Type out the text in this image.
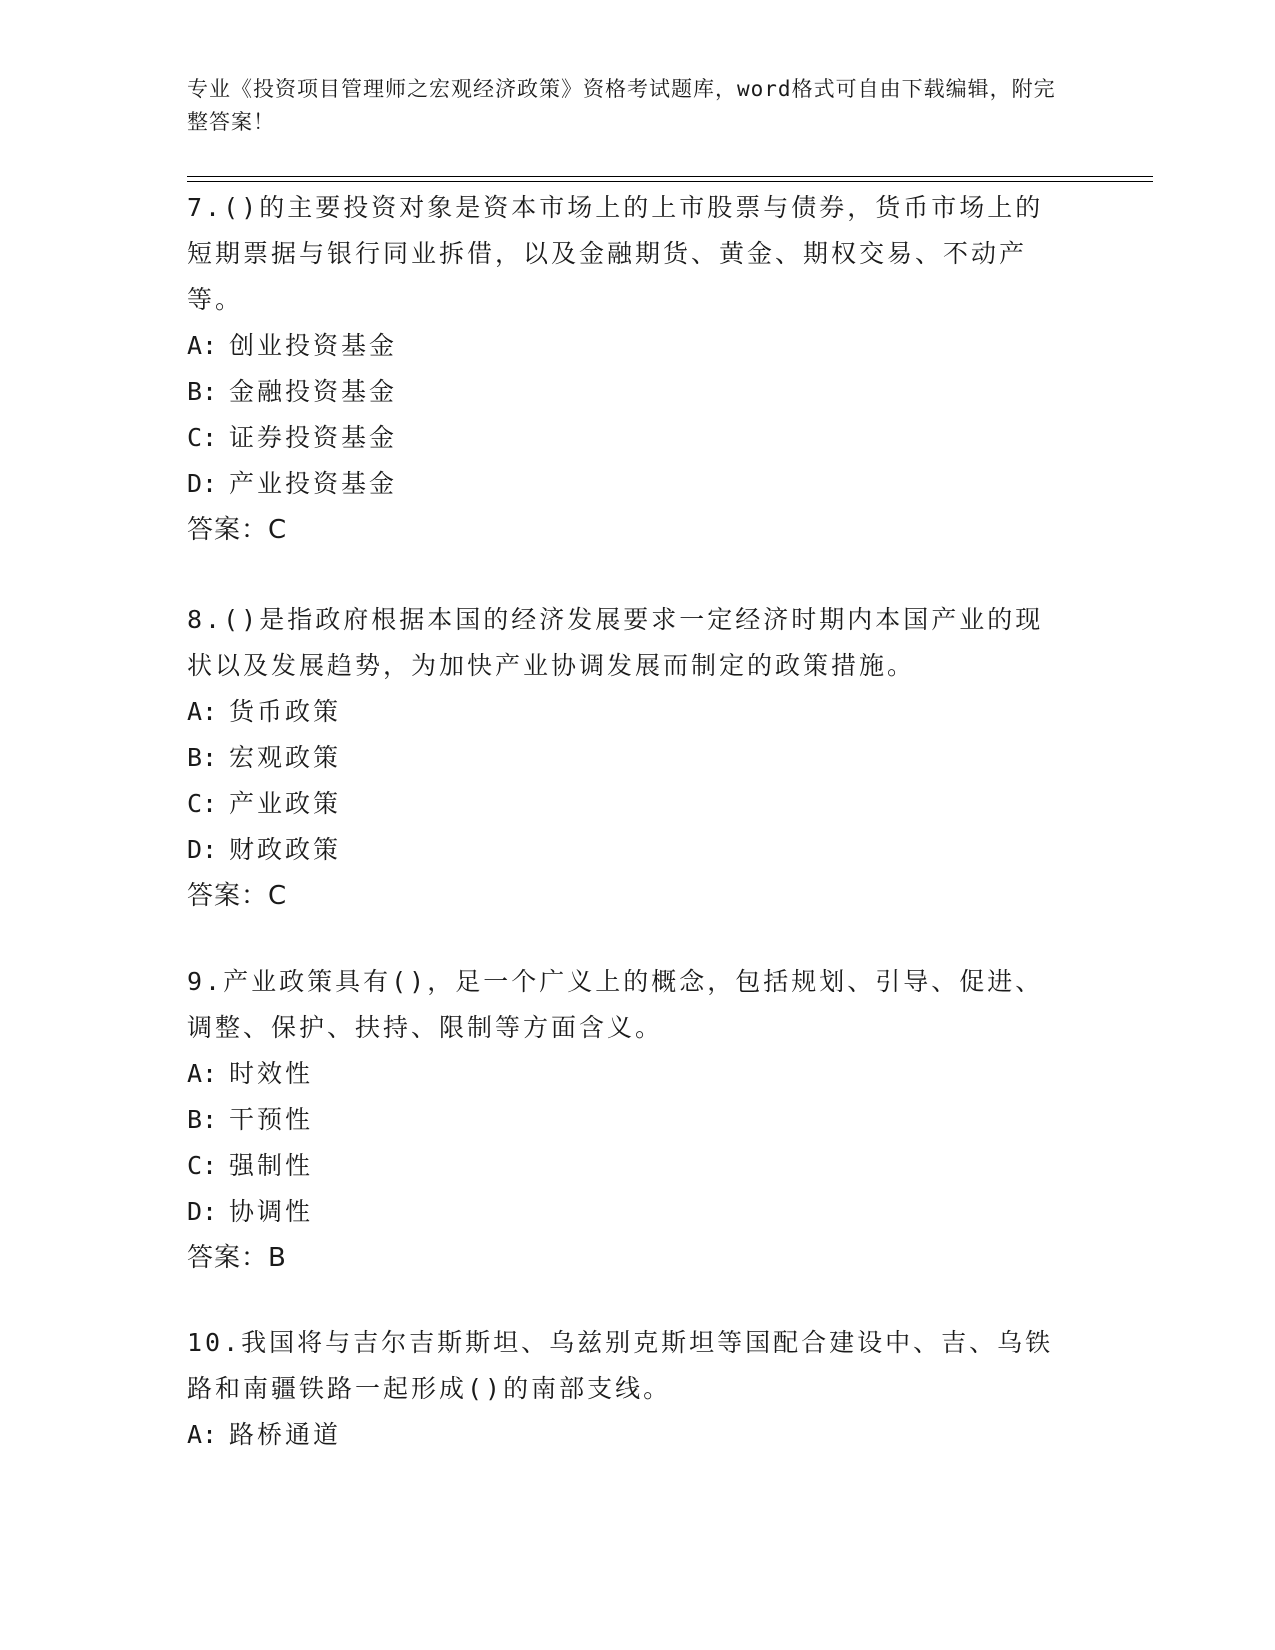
专业《投资项目管理师之宏观经济政策》资格考试题库，word格式可自由下载编辑，附完整答案！

7.()的主要投资对象是资本市场上的上市股票与债券，货币市场上的短期票据与银行同业拆借，以及金融期货、黄金、期权交易、不动产等。

A: 创业投资基金

B: 金融投资基金

C: 证券投资基金

D: 产业投资基金

答案：C

8.()是指政府根据本国的经济发展要求一定经济时期内本国产业的现状以及发展趋势，为加快产业协调发展而制定的政策措施。

A: 货币政策

B: 宏观政策

C: 产业政策

D: 财政政策

答案：C

9.产业政策具有()，足一个广义上的概念，包括规划、引导、促进、调整、保护、扶持、限制等方面含义。

A: 时效性

B: 干预性

C: 强制性

D: 协调性

答案：B

10.我国将与吉尔吉斯斯坦、乌兹别克斯坦等国配合建设中、吉、乌铁路和南疆铁路一起形成()的南部支线。

A: 路桥通道
